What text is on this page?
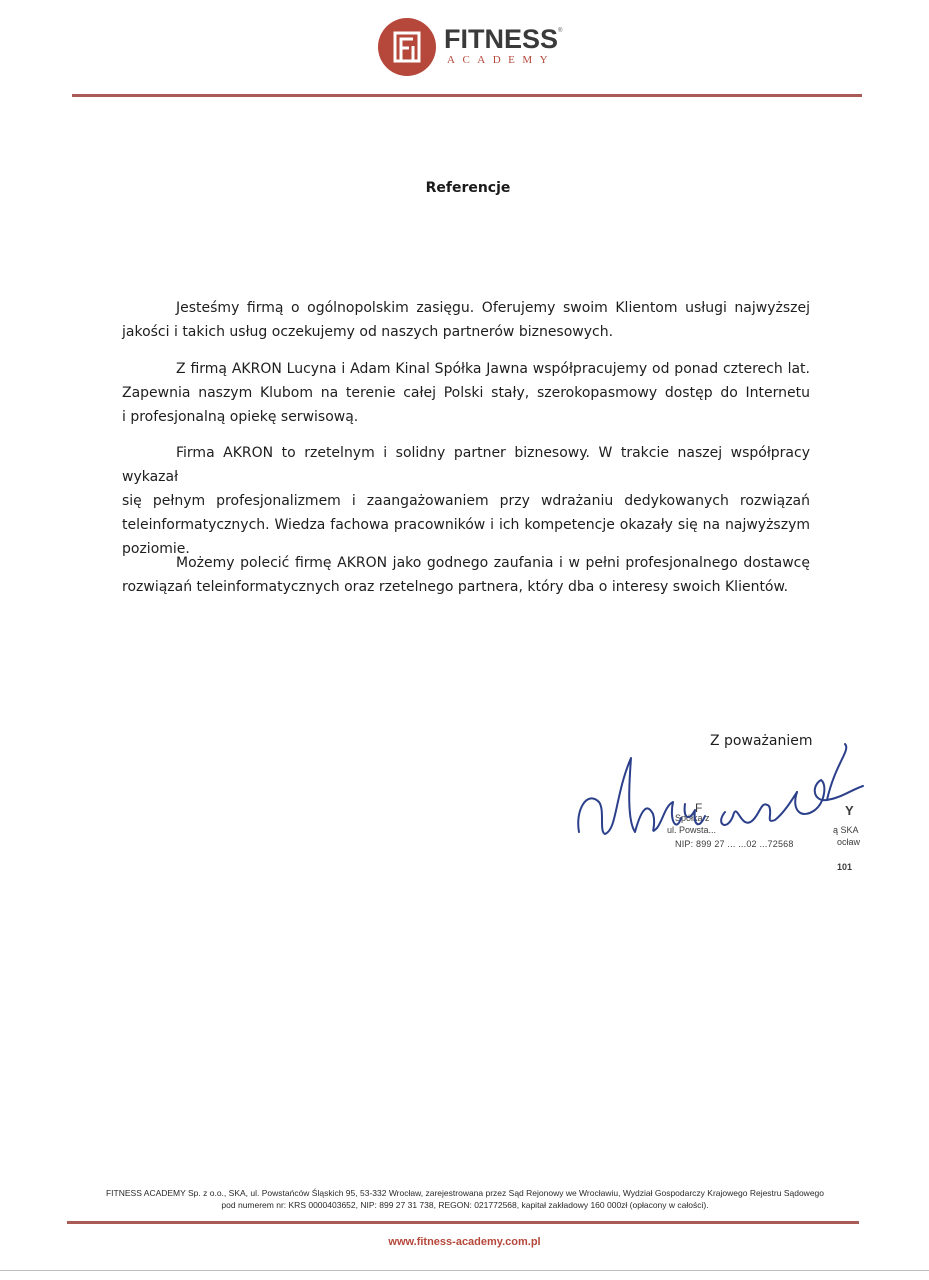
FITNESS ®
ACADEMY
Referencje
Jesteśmy firmą o ogólnopolskim zasięgu. Oferujemy swoim Klientom usługi najwyższej
jakości i takich usług oczekujemy od naszych partnerów biznesowych.
Z firmą AKRON Lucyna i Adam Kinal Spółka Jawna współpracujemy od ponad czterech lat.
Zapewnia naszym Klubom na terenie całej Polski stały, szerokopasmowy dostęp do Internetu
i profesjonalną opiekę serwisową.
Firma AKRON to rzetelnym i solidny partner biznesowy. W trakcie naszej współpracy wykazał
się pełnym profesjonalizmem i zaangażowaniem przy wdrażaniu dedykowanych rozwiązań
teleinformatycznych. Wiedza fachowa pracowników i ich kompetencje okazały się na najwyższym
poziomie.
Możemy polecić firmę AKRON jako godnego zaufania i w pełni profesjonalnego dostawcę
rozwiązań teleinformatycznych oraz rzetelnego partnera, który dba o interesy swoich Klientów.
Z poważaniem
F	Y
Spółka z
ul. Powsta...	ą SKA
ocław
NIP: 899 27 ... ...02 ...72568
101
FITNESS ACADEMY Sp. z o.o., SKA, ul. Powstańców Śląskich 95, 53-332 Wrocław, zarejestrowana przez Sąd Rejonowy we Wrocławiu, Wydział Gospodarczy Krajowego Rejestru Sądowego
pod numerem nr: KRS 0000403652, NIP: 899 27 31 738, REGON: 021772568, kapitał zakładowy 160 000zł (opłacony w całości).
www.fitness-academy.com.pl
